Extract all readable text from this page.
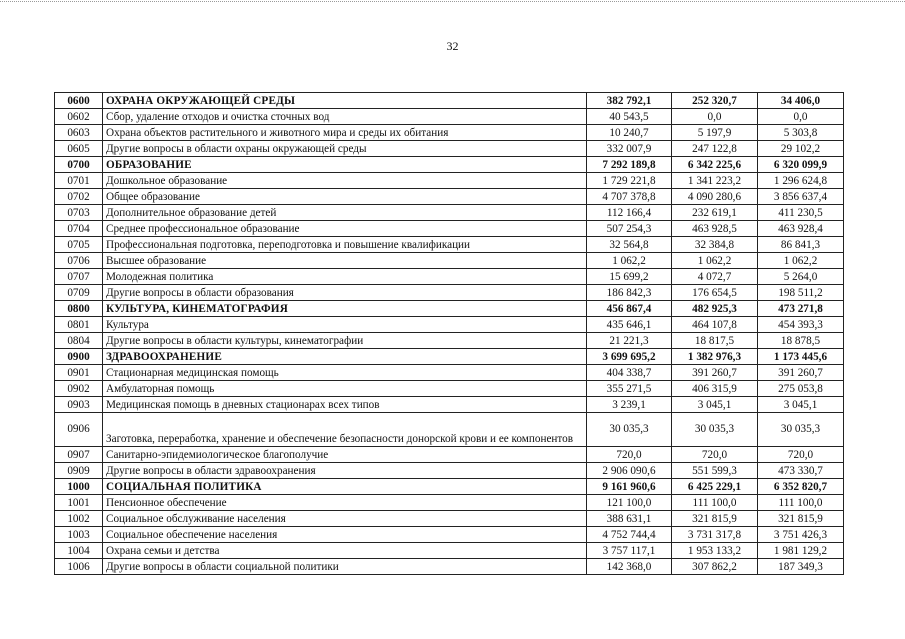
32
0600	ОХРАНА ОКРУЖАЮЩЕЙ СРЕДЫ	382 792,1	252 320,7	34 406,0
0602	Сбор, удаление отходов и очистка сточных вод	40 543,5	0,0	0,0
0603	Охрана объектов растительного и животного мира и среды их обитания	10 240,7	5 197,9	5 303,8
0605	Другие вопросы в области охраны окружающей среды	332 007,9	247 122,8	29 102,2
0700	ОБРАЗОВАНИЕ	7 292 189,8	6 342 225,6	6 320 099,9
0701	Дошкольное образование	1 729 221,8	1 341 223,2	1 296 624,8
0702	Общее образование	4 707 378,8	4 090 280,6	3 856 637,4
0703	Дополнительное образование детей	112 166,4	232 619,1	411 230,5
0704	Среднее профессиональное образование	507 254,3	463 928,5	463 928,4
0705	Профессиональная подготовка, переподготовка и повышение квалификации	32 564,8	32 384,8	86 841,3
0706	Высшее образование	1 062,2	1 062,2	1 062,2
0707	Молодежная политика	15 699,2	4 072,7	5 264,0
0709	Другие вопросы в области образования	186 842,3	176 654,5	198 511,2
0800	КУЛЬТУРА, КИНЕМАТОГРАФИЯ	456 867,4	482 925,3	473 271,8
0801	Культура	435 646,1	464 107,8	454 393,3
0804	Другие вопросы в области культуры, кинематографии	21 221,3	18 817,5	18 878,5
0900	ЗДРАВООХРАНЕНИЕ	3 699 695,2	1 382 976,3	1 173 445,6
0901	Стационарная медицинская помощь	404 338,7	391 260,7	391 260,7
0902	Амбулаторная помощь	355 271,5	406 315,9	275 053,8
0903	Медицинская помощь в дневных стационарах всех типов	3 239,1	3 045,1	3 045,1
0906	Заготовка, переработка, хранение и обеспечение безопасности донорской крови и ее компонентов	30 035,3	30 035,3	30 035,3
0907	Санитарно-эпидемиологическое благополучие	720,0	720,0	720,0
0909	Другие вопросы в области здравоохранения	2 906 090,6	551 599,3	473 330,7
1000	СОЦИАЛЬНАЯ ПОЛИТИКА	9 161 960,6	6 425 229,1	6 352 820,7
1001	Пенсионное обеспечение	121 100,0	111 100,0	111 100,0
1002	Социальное обслуживание населения	388 631,1	321 815,9	321 815,9
1003	Социальное обеспечение населения	4 752 744,4	3 731 317,8	3 751 426,3
1004	Охрана семьи и детства	3 757 117,1	1 953 133,2	1 981 129,2
1006	Другие вопросы в области социальной политики	142 368,0	307 862,2	187 349,3
